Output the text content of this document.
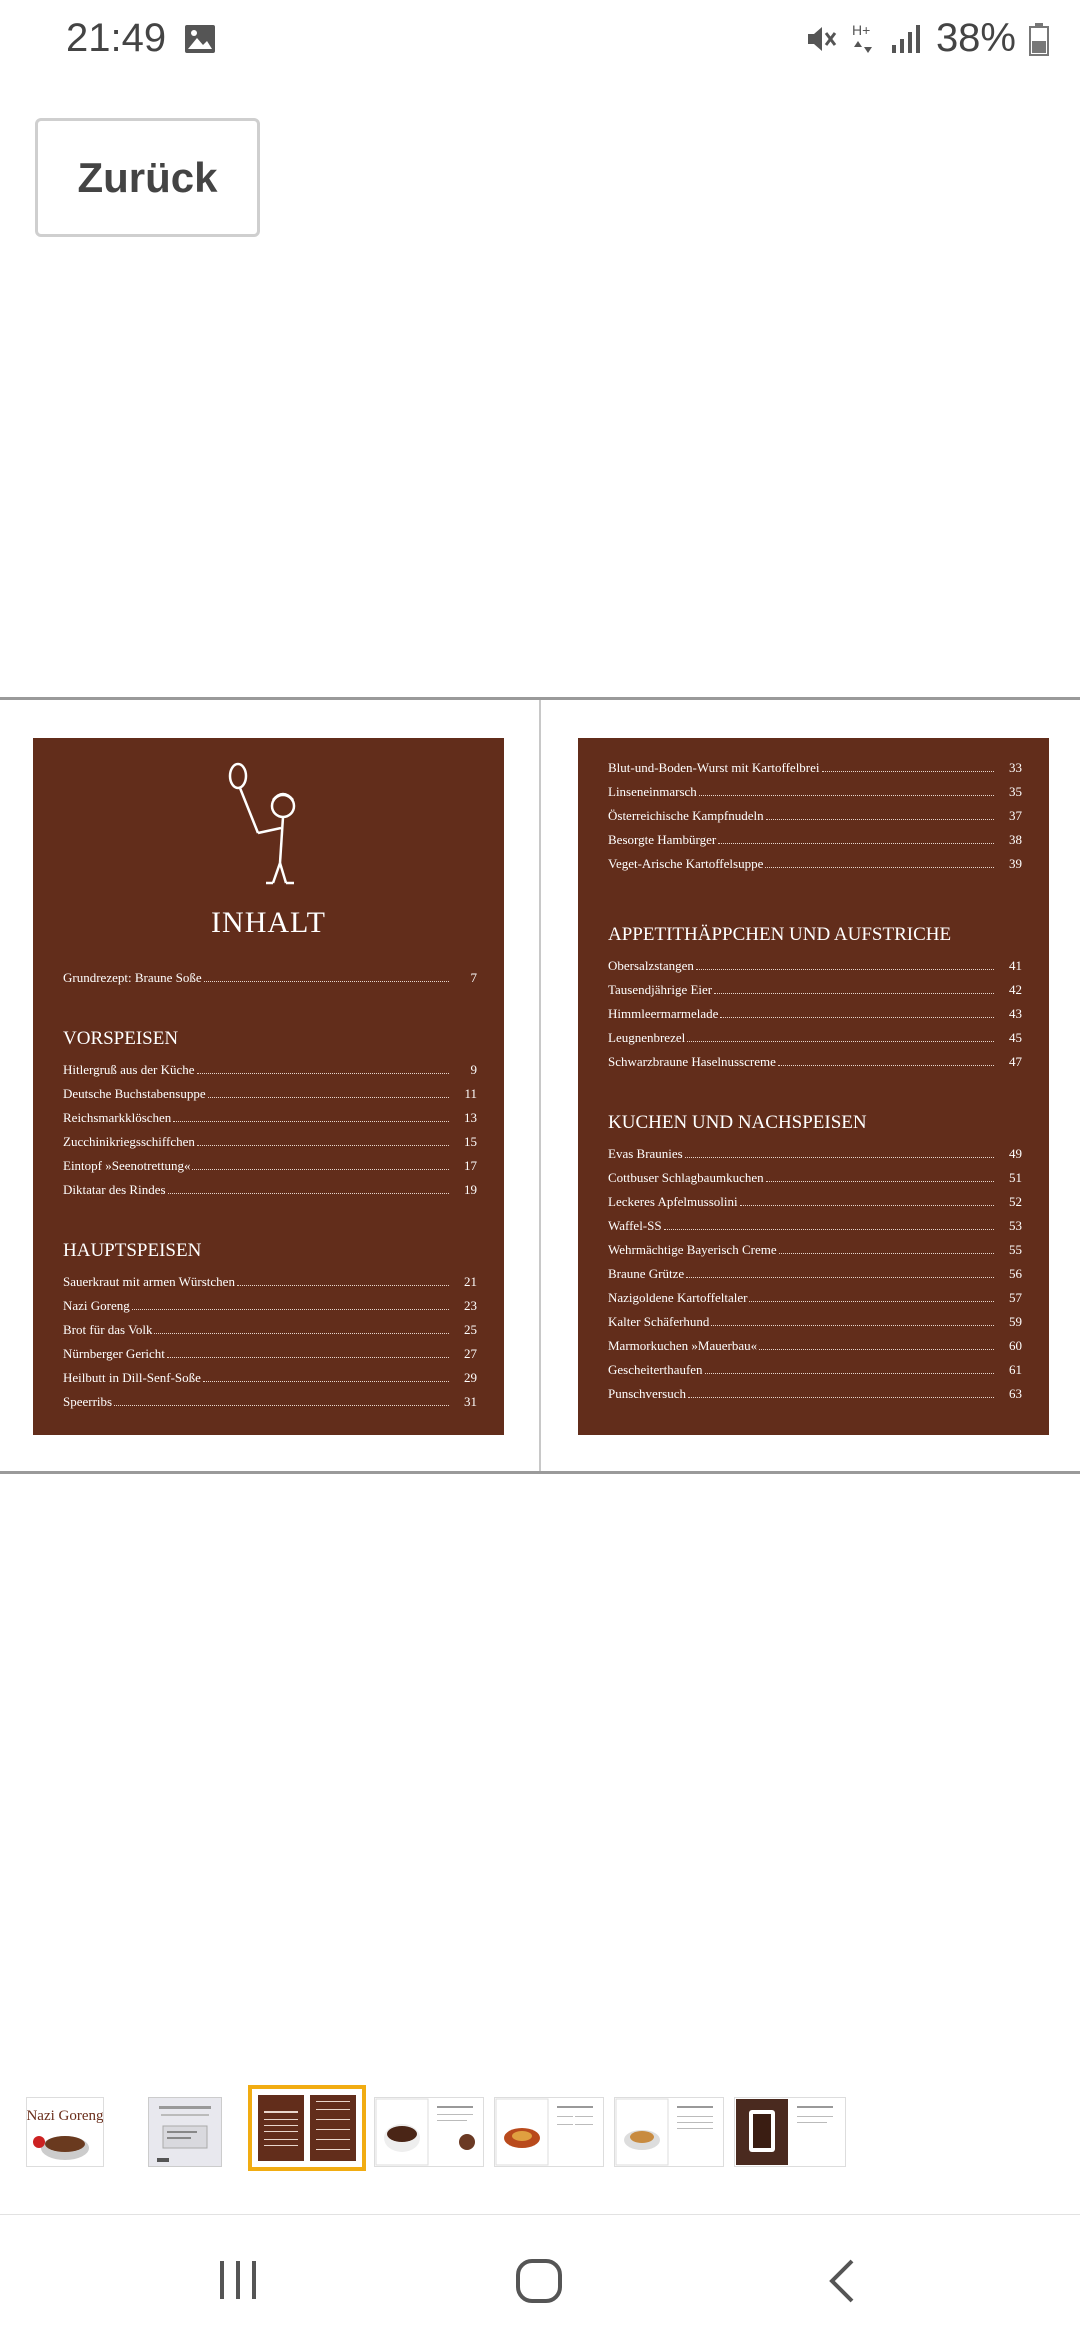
21:49	H+ 38%
Zurück
INHALT
Grundrezept: Braune Soße	7
VORSPEISEN
Hitlergruß aus der Küche	9
Deutsche Buchstabensuppe	11
Reichsmarkklöschen	13
Zucchinikriegsschiffchen	15
Eintopf »Seenotrettung«	17
Diktatar des Rindes	19
HAUPTSPEISEN
Sauerkraut mit armen Würstchen	21
Nazi Goreng	23
Brot für das Volk	25
Nürnberger Gericht	27
Heilbutt in Dill-Senf-Soße	29
Speerribs	31
Blut-und-Boden-Wurst mit Kartoffelbrei	33
Linseneinmarsch	35
Österreichische Kampfnudeln	37
Besorgte Hambürger	38
Veget-Arische Kartoffelsuppe	39
APPETITHÄPPCHEN UND AUFSTRICHE
Obersalzstangen	41
Tausendjährige Eier	42
Himmleermarmelade	43
Leugnenbrezel	45
Schwarzbraune Haselnusscreme	47
KUCHEN UND NACHSPEISEN
Evas Braunies	49
Cottbuser Schlagbaumkuchen	51
Leckeres Apfelmussolini	52
Waffel-SS	53
Wehrmächtige Bayerisch Creme	55
Braune Grütze	56
Nazigoldene Kartoffeltaler	57
Kalter Schäferhund	59
Marmorkuchen »Mauerbau«	60
Gescheiterthaufen	61
Punschversuch	63
Nazi Goreng
